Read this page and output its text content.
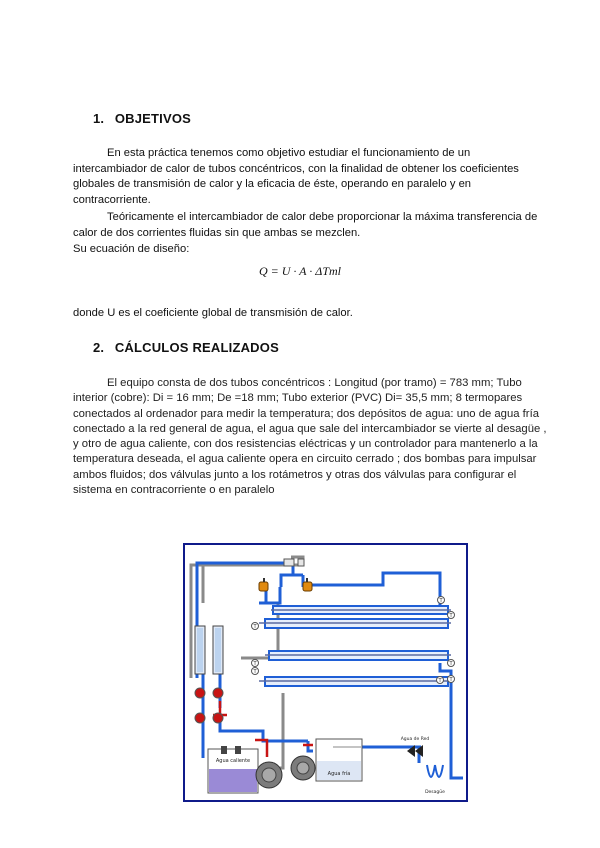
1. OBJETIVOS
En esta práctica tenemos como objetivo estudiar el funcionamiento de un intercambiador de calor de tubos concéntricos, con la finalidad de obtener los coeficientes globales de transmisión de calor y la eficacia de éste, operando en paralelo y en contracorriente.
Teóricamente el intercambiador de calor debe proporcionar la máxima transferencia de calor de dos corrientes fluidas sin que ambas se mezclen.
Su ecuación de diseño:
Q = U · A · ΔTml
donde U es el coeficiente global de transmisión de calor.
2. CÁLCULOS REALIZADOS
El equipo consta de dos tubos concéntricos : Longitud (por tramo) = 783 mm; Tubo interior (cobre): Di = 16 mm; De =18 mm; Tubo exterior (PVC) Di= 35,5 mm; 8 termopares conectados al ordenador para medir la temperatura; dos depósitos de agua: uno de agua fría conectado a la red general de agua, el agua que sale del intercambiador se vierte al desagüe , y otro de agua caliente, con dos resistencias eléctricas y un controlador para mantenerlo a la temperatura deseada, el agua caliente opera en circuito cerrado ; dos bombas para impulsar ambos fluidos; dos válvulas junto a los rotámetros y otras dos válvulas para configurar el sistema en contracorriente o en paralelo
T
T
T
T
T
T
T
T
Agua caliente
Agua fría
Agua de Red
Desagüe
